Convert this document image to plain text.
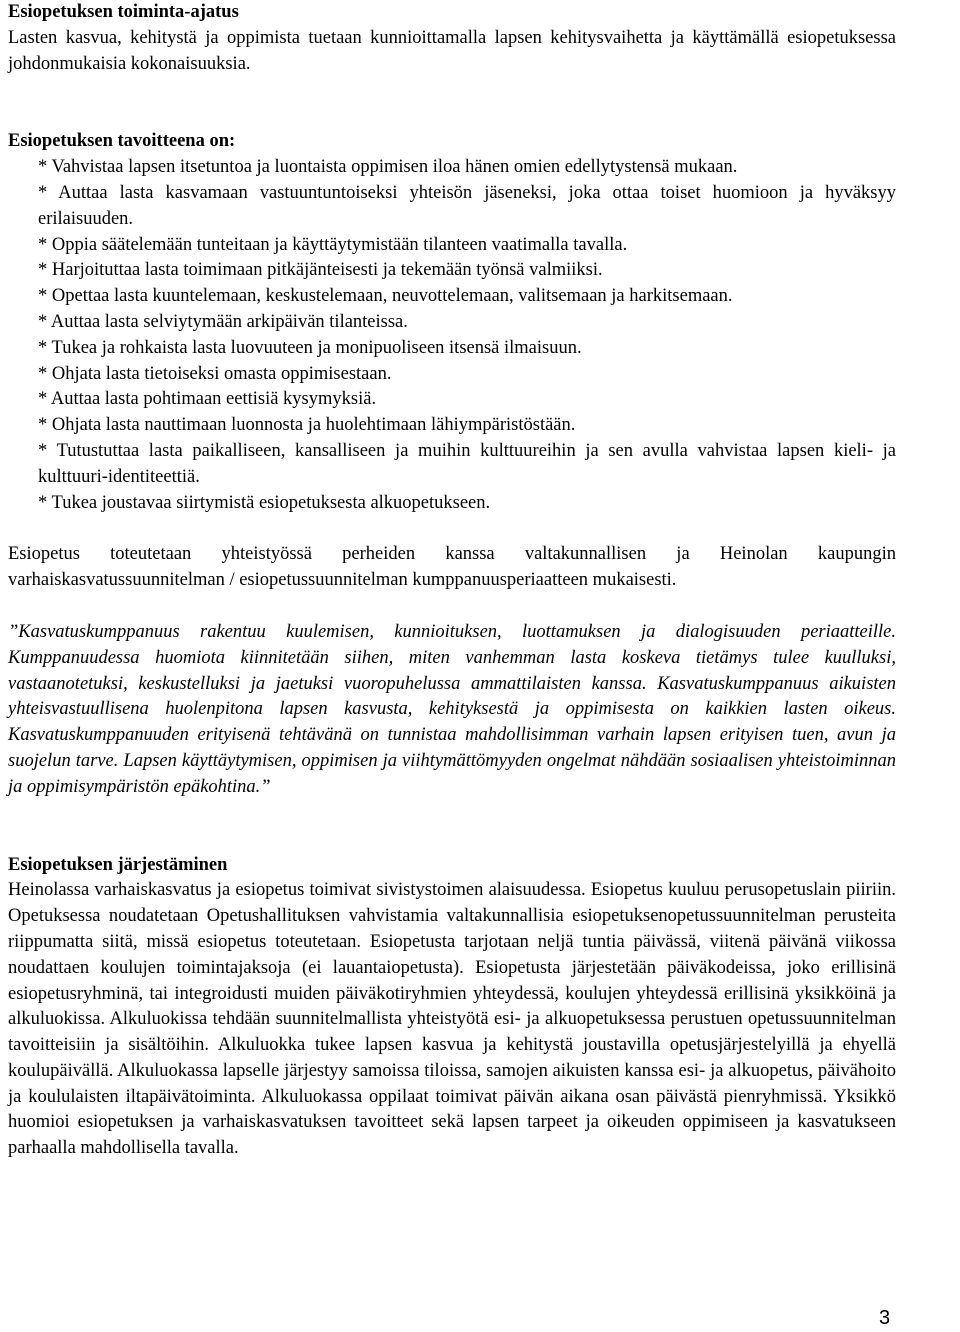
Esiopetuksen toiminta-ajatus

Lasten kasvua, kehitystä ja oppimista tuetaan kunnioittamalla lapsen kehitysvaihetta ja käyttämällä esiopetuksessa johdonmukaisia kokonaisuuksia.

Esiopetuksen tavoitteena on:

* Vahvistaa lapsen itsetuntoa ja luontaista oppimisen iloa hänen omien edellytystensä mukaan.
* Auttaa lasta kasvamaan vastuuntuntoiseksi yhteisön jäseneksi, joka ottaa toiset huomioon ja hyväksyy erilaisuuden.
* Oppia säätelemään tunteitaan ja käyttäytymistään tilanteen vaatimalla tavalla.
* Harjoituttaa lasta toimimaan pitkäjänteisesti ja tekemään työnsä valmiiksi.
* Opettaa lasta kuuntelemaan, keskustelemaan, neuvottelemaan, valitsemaan ja harkitsemaan.
* Auttaa lasta selviytymään arkipäivän tilanteissa.
* Tukea ja rohkaista lasta luovuuteen ja monipuoliseen itsensä ilmaisuun.
* Ohjata lasta tietoiseksi omasta oppimisestaan.
* Auttaa lasta pohtimaan eettisiä kysymyksiä.
* Ohjata lasta nauttimaan luonnosta ja huolehtimaan lähiympäristöstään.
* Tutustuttaa lasta paikalliseen, kansalliseen ja muihin kulttuureihin ja sen avulla vahvistaa lapsen kieli- ja kulttuuri-identiteettiä.
* Tukea joustavaa siirtymistä esiopetuksesta alkuopetukseen.

Esiopetus toteutetaan yhteistyössä perheiden kanssa valtakunnallisen ja Heinolan kaupungin varhaiskasvatussuunnitelman / esiopetussuunnitelman kumppanuusperiaatteen mukaisesti.

”Kasvatuskumppanuus rakentuu kuulemisen, kunnioituksen, luottamuksen ja dialogisuuden periaatteille. Kumppanuudessa huomiota kiinnitetään siihen, miten vanhemman lasta koskeva tietämys tulee kuulluksi, vastaanotetuksi, keskustelluksi ja jaetuksi vuoropuhelussa ammattilaisten kanssa. Kasvatuskumppanuus aikuisten yhteisvastuullisena huolenpitona lapsen kasvusta, kehityksestä ja oppimisesta on kaikkien lasten oikeus. Kasvatuskumppanuuden erityisenä tehtävänä on tunnistaa mahdollisimman varhain lapsen erityisen tuen, avun ja suojelun tarve. Lapsen käyttäytymisen, oppimisen ja viihtymättömyyden ongelmat nähdään sosiaalisen yhteistoiminnan ja oppimisympäristön epäkohtina.”

Esiopetuksen järjestäminen

Heinolassa varhaiskasvatus ja esiopetus toimivat sivistystoimen alaisuudessa. Esiopetus kuuluu perusopetuslain piiriin. Opetuksessa noudatetaan Opetushallituksen vahvistamia valtakunnallisia esiopetuksenopetussuunnitelman perusteita riippumatta siitä, missä esiopetus toteutetaan. Esiopetusta tarjotaan neljä tuntia päivässä, viitenä päivänä viikossa noudattaen koulujen toimintajaksoja (ei lauantaiopetusta). Esiopetusta järjestetään päiväkodeissa, joko erillisinä esiopetusryhminä, tai integroidusti muiden päiväkotiryhmien yhteydessä, koulujen yhteydessä erillisinä yksikköinä ja alkuluokissa. Alkuluokissa tehdään suunnitelmallista yhteistyötä esi- ja alkuopetuksessa perustuen opetussuunnitelman tavoitteisiin ja sisältöihin. Alkuluokka tukee lapsen kasvua ja kehitystä joustavilla opetusjärjestelyillä ja ehyellä koulupäivällä. Alkuluokassa lapselle järjestyy samoissa tiloissa, samojen aikuisten kanssa esi- ja alkuopetus, päivähoito ja koululaisten iltapäivätoiminta. Alkuluokassa oppilaat toimivat päivän aikana osan päivästä pienryhmissä. Yksikkö huomioi esiopetuksen ja varhaiskasvatuksen tavoitteet sekä lapsen tarpeet ja oikeuden oppimiseen ja kasvatukseen parhaalla mahdollisella tavalla.

3
